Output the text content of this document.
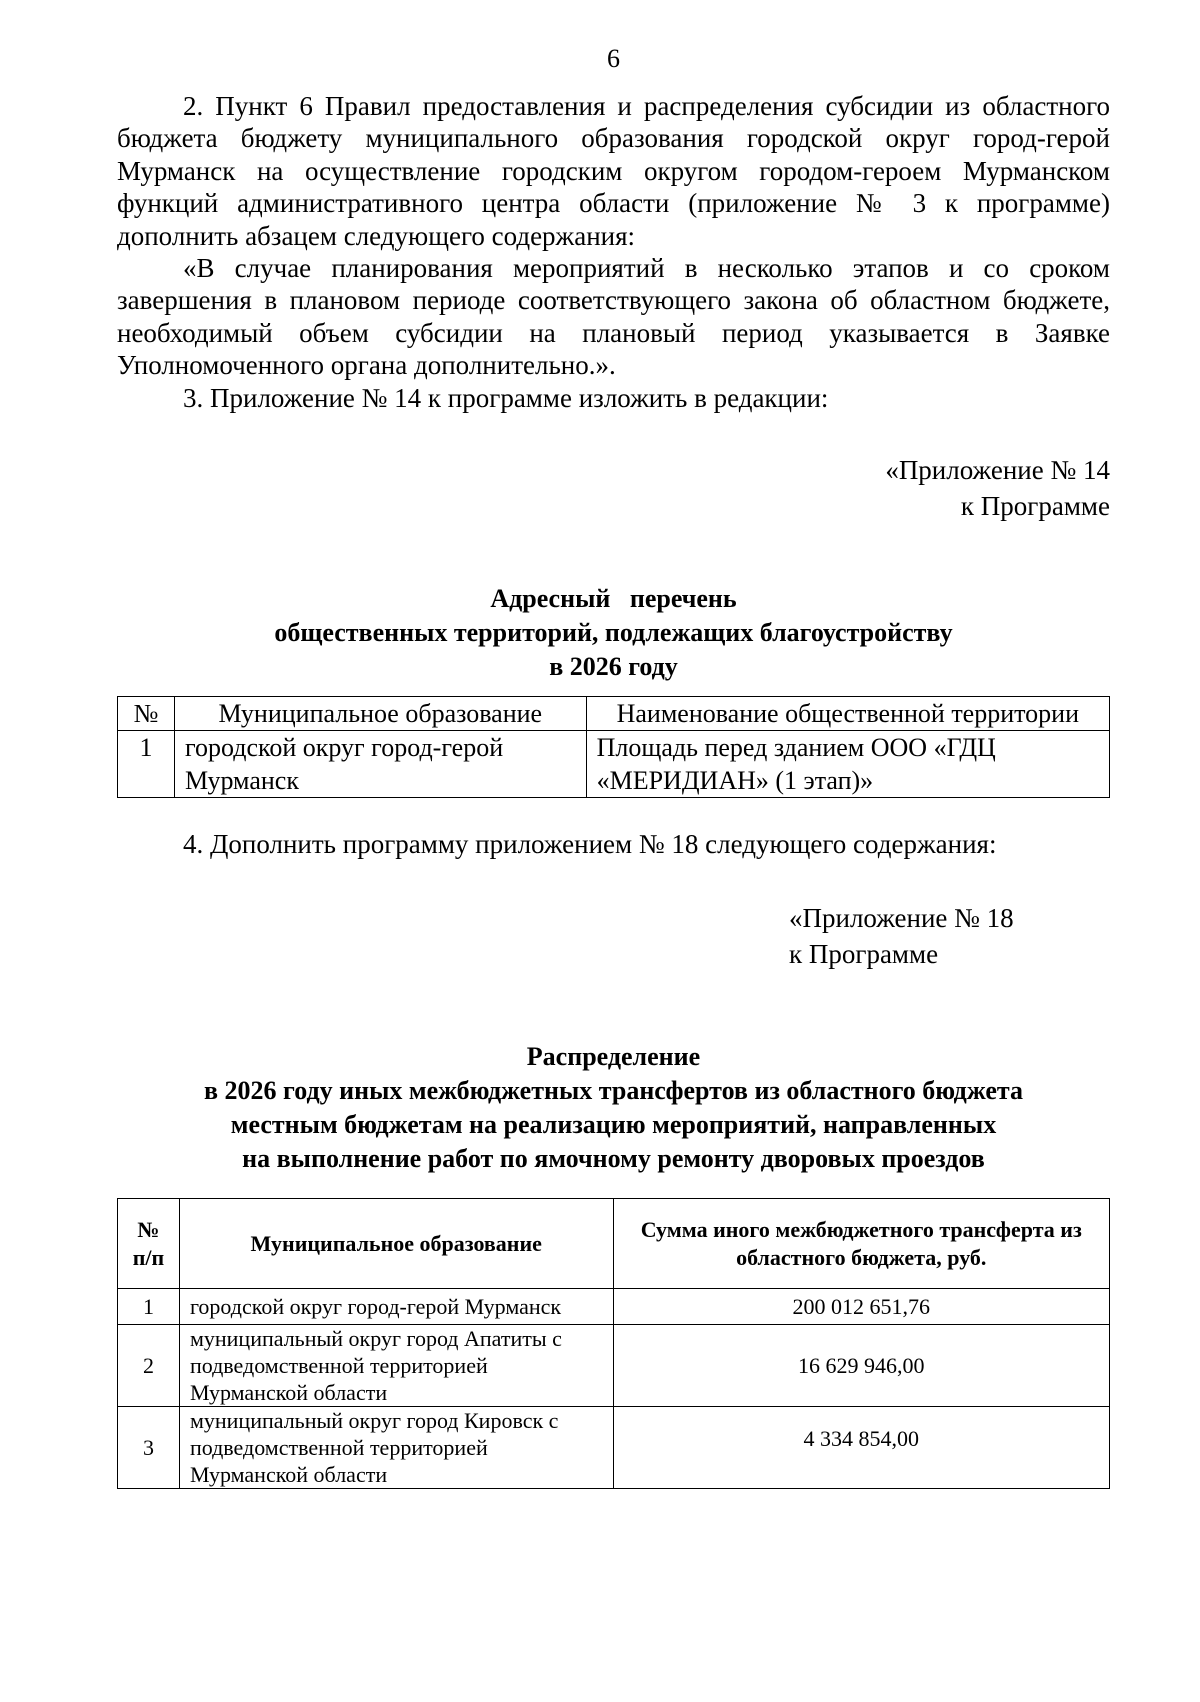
6

2. Пункт 6 Правил предоставления и распределения субсидии из областного бюджета бюджету муниципального образования городской округ город-герой Мурманск на осуществление городским округом городом-героем Мурманском функций административного центра области (приложение № 3 к программе) дополнить абзацем следующего содержания:

«В случае планирования мероприятий в несколько этапов и со сроком завершения в плановом периоде соответствующего закона об областном бюджете, необходимый объем субсидии на плановый период указывается в Заявке Уполномоченного органа дополнительно.».

3. Приложение № 14 к программе изложить в редакции:

«Приложение № 14
к Программе
Адресный   перечень
общественных территорий, подлежащих благоустройству
в 2026 году
№	Муниципальное образование	Наименование общественной территории
1	городской округ город-герой Мурманск	Площадь перед зданием ООО «ГДЦ «МЕРИДИАН» (1 этап)»

4. Дополнить программу приложением № 18 следующего содержания:

«Приложение № 18
к Программе
Распределение
в 2026 году иных межбюджетных трансфертов из областного бюджета
местным бюджетам на реализацию мероприятий, направленных
на выполнение работ по ямочному ремонту дворовых проездов
№ п/п	Муниципальное образование	Сумма иного межбюджетного трансферта из областного бюджета, руб.
1	городской округ город-герой Мурманск	200 012 651,76
2	муниципальный округ город Апатиты с подведомственной территорией Мурманской области	16 629 946,00
3	муниципальный округ город Кировск с подведомственной территорией Мурманской области	4 334 854,00
